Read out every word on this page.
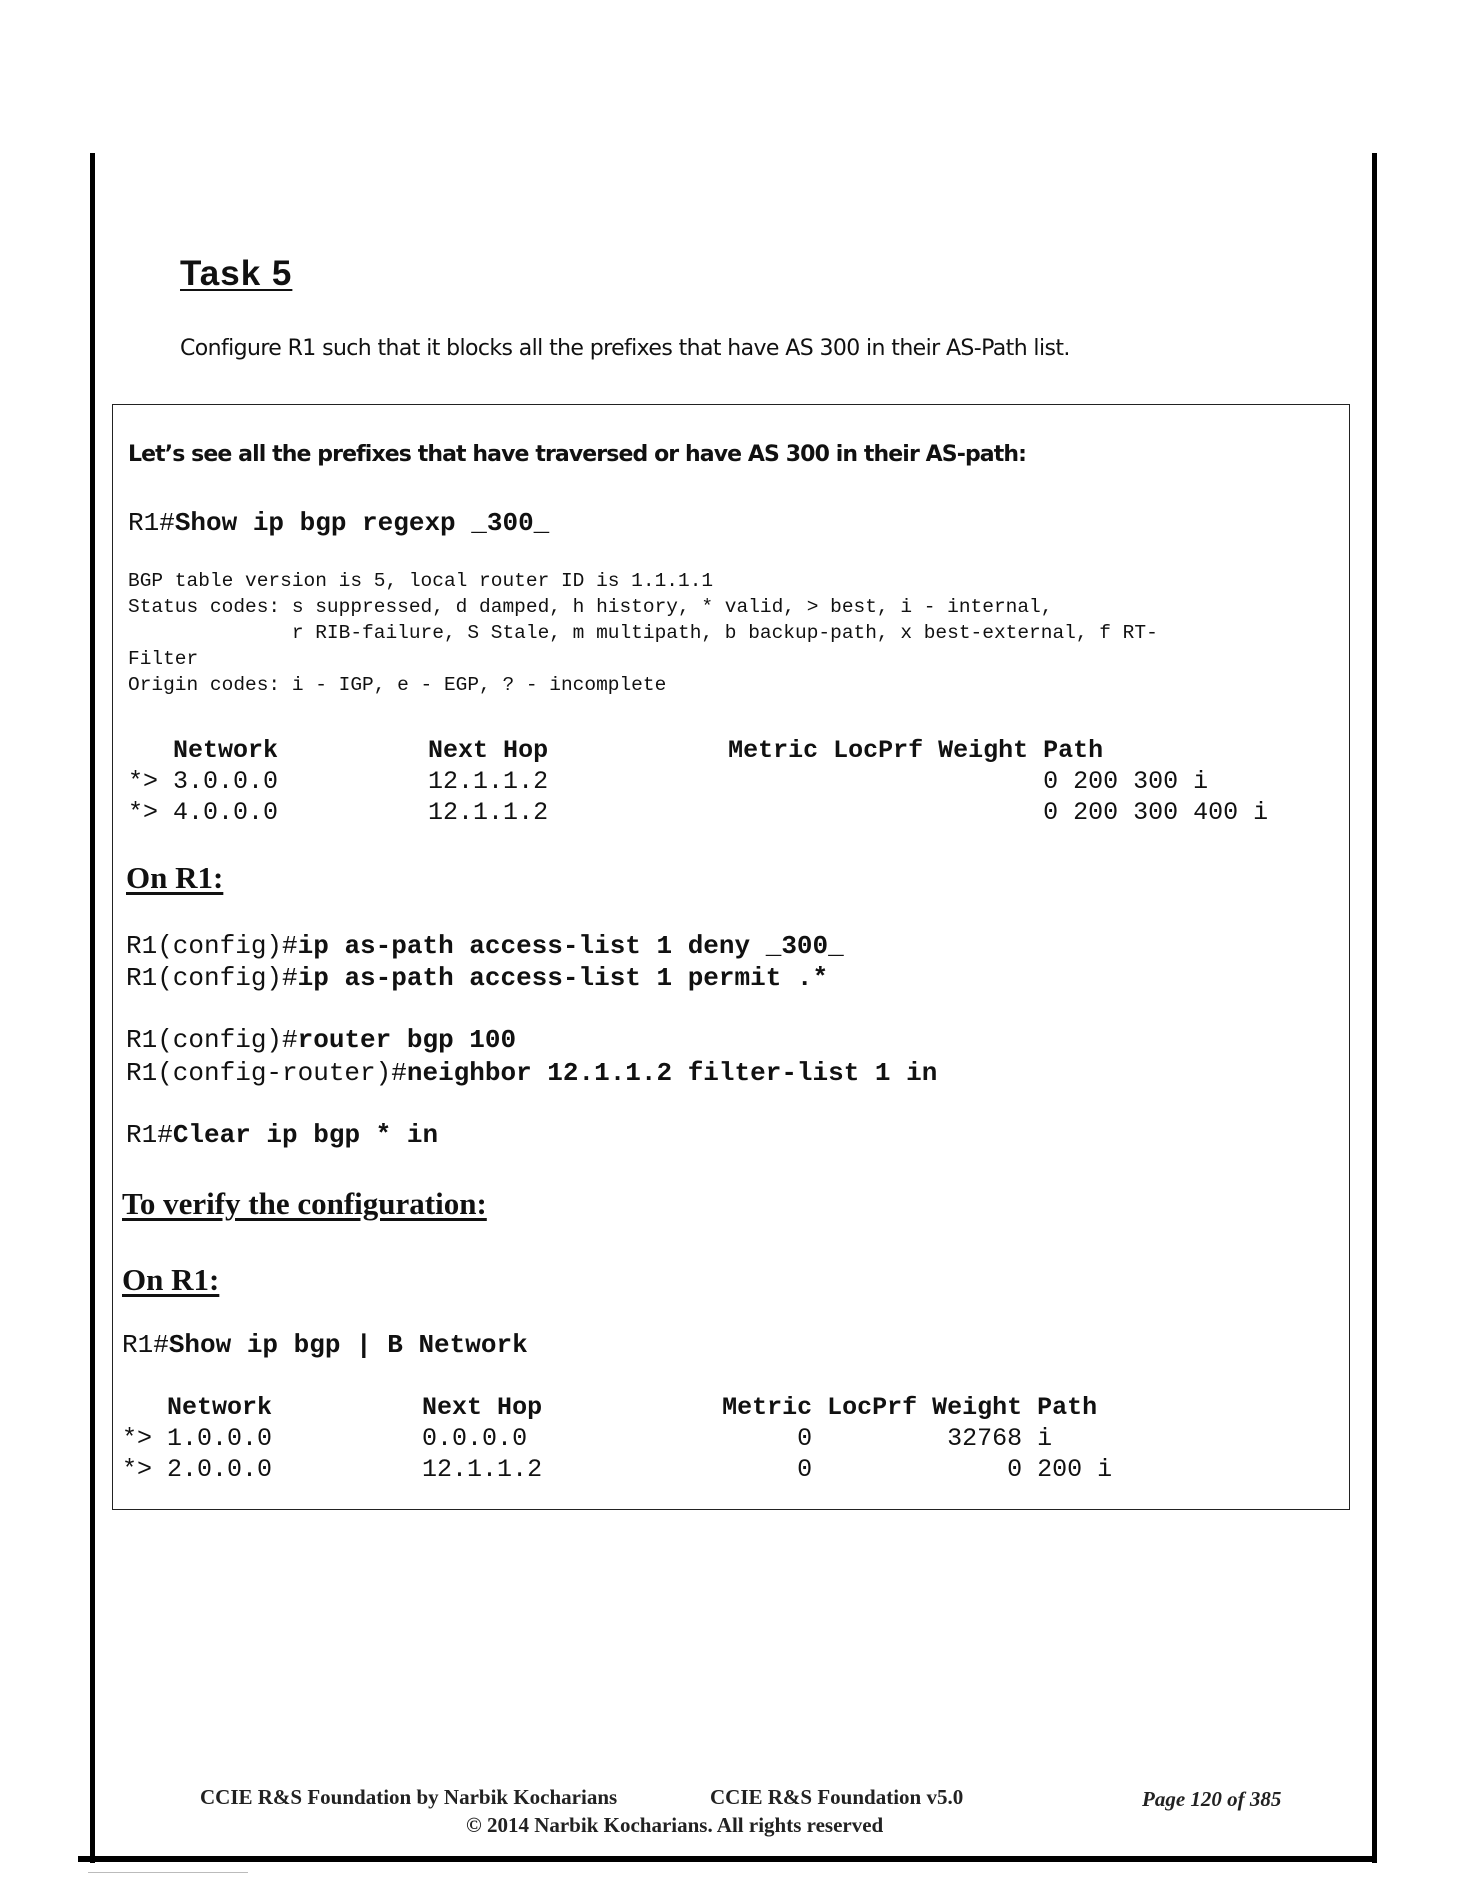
Task 5
Configure R1 such that it blocks all the prefixes that have AS 300 in their AS-Path list.
Let’s see all the prefixes that have traversed or have AS 300 in their AS-path:
R1#Show ip bgp regexp _300_
BGP table version is 5, local router ID is 1.1.1.1
Status codes: s suppressed, d damped, h history, * valid, > best, i - internal,
r RIB-failure, S Stale, m multipath, b backup-path, x best-external, f RT-
Filter
Origin codes: i - IGP, e - EGP, ? - incomplete
Network          Next Hop            Metric LocPrf Weight Path
*> 3.0.0.0          12.1.1.2                                 0 200 300 i
*> 4.0.0.0          12.1.1.2                                 0 200 300 400 i
On R1:
R1(config)#ip as-path access-list 1 deny _300_
R1(config)#ip as-path access-list 1 permit .*
R1(config)#router bgp 100
R1(config-router)#neighbor 12.1.1.2 filter-list 1 in
R1#Clear ip bgp * in
To verify the configuration:
On R1:
R1#Show ip bgp | B Network
Network          Next Hop            Metric LocPrf Weight Path
*> 1.0.0.0          0.0.0.0                  0         32768 i
*> 2.0.0.0          12.1.1.2                 0             0 200 i
CCIE R&S Foundation by Narbik Kocharians	CCIE R&S Foundation v5.0
© 2014 Narbik Kocharians. All rights reserved
Page 120 of 385
